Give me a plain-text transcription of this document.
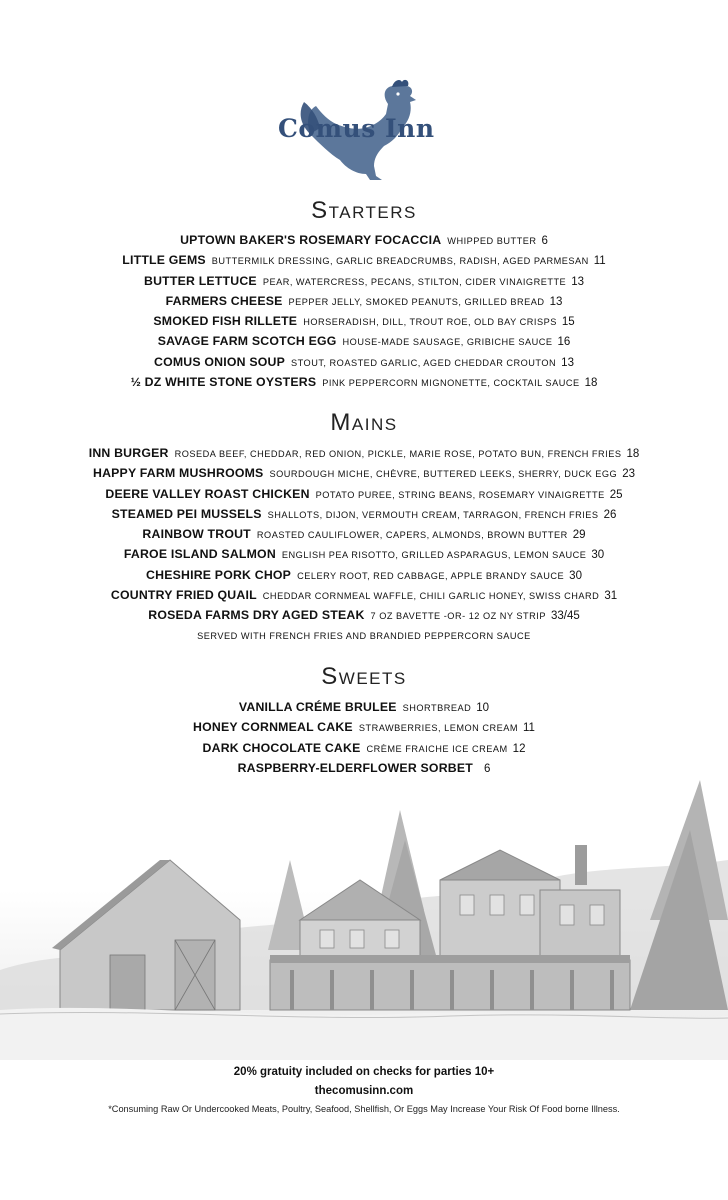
Comus Inn
Starters
UPTOWN BAKER'S ROSEMARY FOCACCIA WHIPPED BUTTER 6
LITTLE GEMS BUTTERMILK DRESSING, GARLIC BREADCRUMBS, RADISH, AGED PARMESAN 11
BUTTER LETTUCE PEAR, WATERCRESS, PECANS, STILTON, CIDER VINAIGRETTE 13
FARMERS CHEESE PEPPER JELLY, SMOKED PEANUTS, GRILLED BREAD 13
SMOKED FISH RILLETE HORSERADISH, DILL, TROUT ROE, OLD BAY CRISPS 15
SAVAGE FARM SCOTCH EGG HOUSE-MADE SAUSAGE, GRIBICHE SAUCE 16
COMUS ONION SOUP STOUT, ROASTED GARLIC, AGED CHEDDAR CROUTON 13
½ DZ WHITE STONE OYSTERS PINK PEPPERCORN MIGNONETTE, COCKTAIL SAUCE 18
Mains
INN BURGER ROSEDA BEEF, CHEDDAR, RED ONION, PICKLE, MARIE ROSE, POTATO BUN, FRENCH FRIES 18
HAPPY FARM MUSHROOMS SOURDOUGH MICHE, CHÈVRE, BUTTERED LEEKS, SHERRY, DUCK EGG 23
DEERE VALLEY ROAST CHICKEN POTATO PUREE, STRING BEANS, ROSEMARY VINAIGRETTE 25
STEAMED PEI MUSSELS SHALLOTS, DIJON, VERMOUTH CREAM, TARRAGON, FRENCH FRIES 26
RAINBOW TROUT ROASTED CAULIFLOWER, CAPERS, ALMONDS, BROWN BUTTER 29
FAROE ISLAND SALMON ENGLISH PEA RISOTTO, GRILLED ASPARAGUS, LEMON SAUCE 30
CHESHIRE PORK CHOP CELERY ROOT, RED CABBAGE, APPLE BRANDY SAUCE 30
COUNTRY FRIED QUAIL CHEDDAR CORNMEAL WAFFLE, CHILI GARLIC HONEY, SWISS CHARD 31
ROSEDA FARMS DRY AGED STEAK 7 OZ BAVETTE -OR- 12 OZ NY STRIP 33/45
SERVED WITH FRENCH FRIES AND BRANDIED PEPPERCORN SAUCE
Sweets
VANILLA CRÉME BRULEE SHORTBREAD 10
HONEY CORNMEAL CAKE STRAWBERRIES, LEMON CREAM 11
DARK CHOCOLATE CAKE CRÈME FRAICHE ICE CREAM 12
RASPBERRY-ELDERFLOWER SORBET 6
20% gratuity included on checks for parties 10+
thecomusinn.com
*Consuming Raw Or Undercooked Meats, Poultry, Seafood, Shellfish, Or Eggs May Increase Your Risk Of Food borne Illness.
